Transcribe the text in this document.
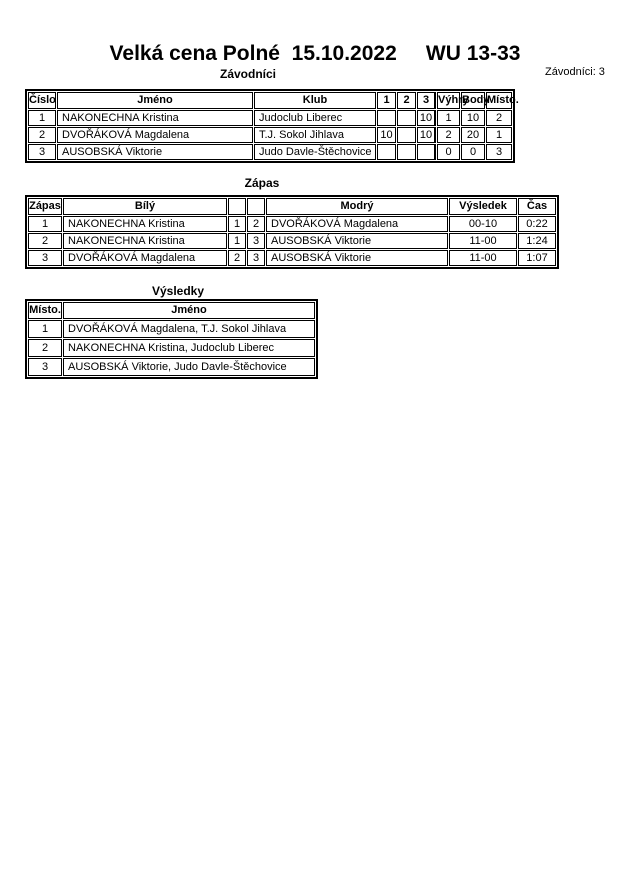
Velká cena Polné  15.10.2022     WU 13-33
Závodníci	Závodníci: 3
Číslo	Jméno	Klub	1	2	3	Výhry	Body	Místo.
1	NAKONECHNA Kristina	Judoclub Liberec			10	1	10	2
2	DVOŘÁKOVÁ Magdalena	T.J. Sokol Jihlava	10		10	2	20	1
3	AUSOBSKÁ Viktorie	Judo Davle-Štěchovice				0	0	3
Zápas
Zápas	Bílý			Modrý	Výsledek	Čas
1	NAKONECHNA Kristina	1	2	DVOŘÁKOVÁ Magdalena	00-10	0:22
2	NAKONECHNA Kristina	1	3	AUSOBSKÁ Viktorie	11-00	1:24
3	DVOŘÁKOVÁ Magdalena	2	3	AUSOBSKÁ Viktorie	11-00	1:07
Výsledky
Místo.	Jméno
1	DVOŘÁKOVÁ Magdalena, T.J. Sokol Jihlava
2	NAKONECHNA Kristina, Judoclub Liberec
3	AUSOBSKÁ Viktorie, Judo Davle-Štěchovice
